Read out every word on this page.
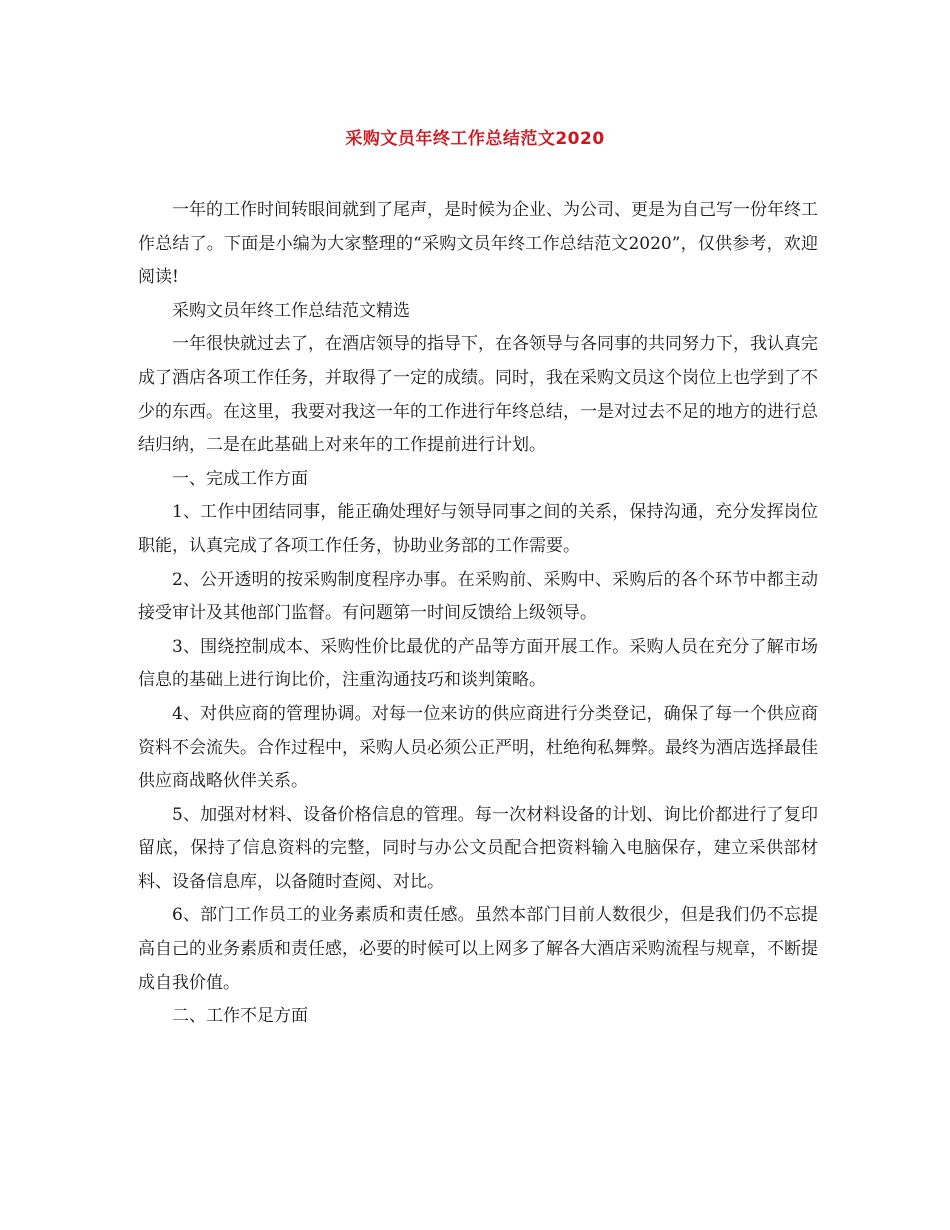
采购文员年终工作总结范文2020

一年的工作时间转眼间就到了尾声，是时候为企业、为公司、更是为自己写一份年终工作总结了。下面是小编为大家整理的“采购文员年终工作总结范文2020”，仅供参考，欢迎阅读!

采购文员年终工作总结范文精选

一年很快就过去了，在酒店领导的指导下，在各领导与各同事的共同努力下，我认真完成了酒店各项工作任务，并取得了一定的成绩。同时，我在采购文员这个岗位上也学到了不少的东西。在这里，我要对我这一年的工作进行年终总结，一是对过去不足的地方的进行总结归纳，二是在此基础上对来年的工作提前进行计划。

一、完成工作方面

1、工作中团结同事，能正确处理好与领导同事之间的关系，保持沟通，充分发挥岗位职能，认真完成了各项工作任务，协助业务部的工作需要。

2、公开透明的按采购制度程序办事。在采购前、采购中、采购后的各个环节中都主动接受审计及其他部门监督。有问题第一时间反馈给上级领导。

3、围绕控制成本、采购性价比最优的产品等方面开展工作。采购人员在充分了解市场信息的基础上进行询比价，注重沟通技巧和谈判策略。

4、对供应商的管理协调。对每一位来访的供应商进行分类登记，确保了每一个供应商资料不会流失。合作过程中，采购人员必须公正严明，杜绝徇私舞弊。最终为酒店选择最佳供应商战略伙伴关系。

5、加强对材料、设备价格信息的管理。每一次材料设备的计划、询比价都进行了复印留底，保持了信息资料的完整，同时与办公文员配合把资料输入电脑保存，建立采供部材料、设备信息库，以备随时查阅、对比。

6、部门工作员工的业务素质和责任感。虽然本部门目前人数很少，但是我们仍不忘提高自己的业务素质和责任感，必要的时候可以上网多了解各大酒店采购流程与规章，不断提成自我价值。

二、工作不足方面
